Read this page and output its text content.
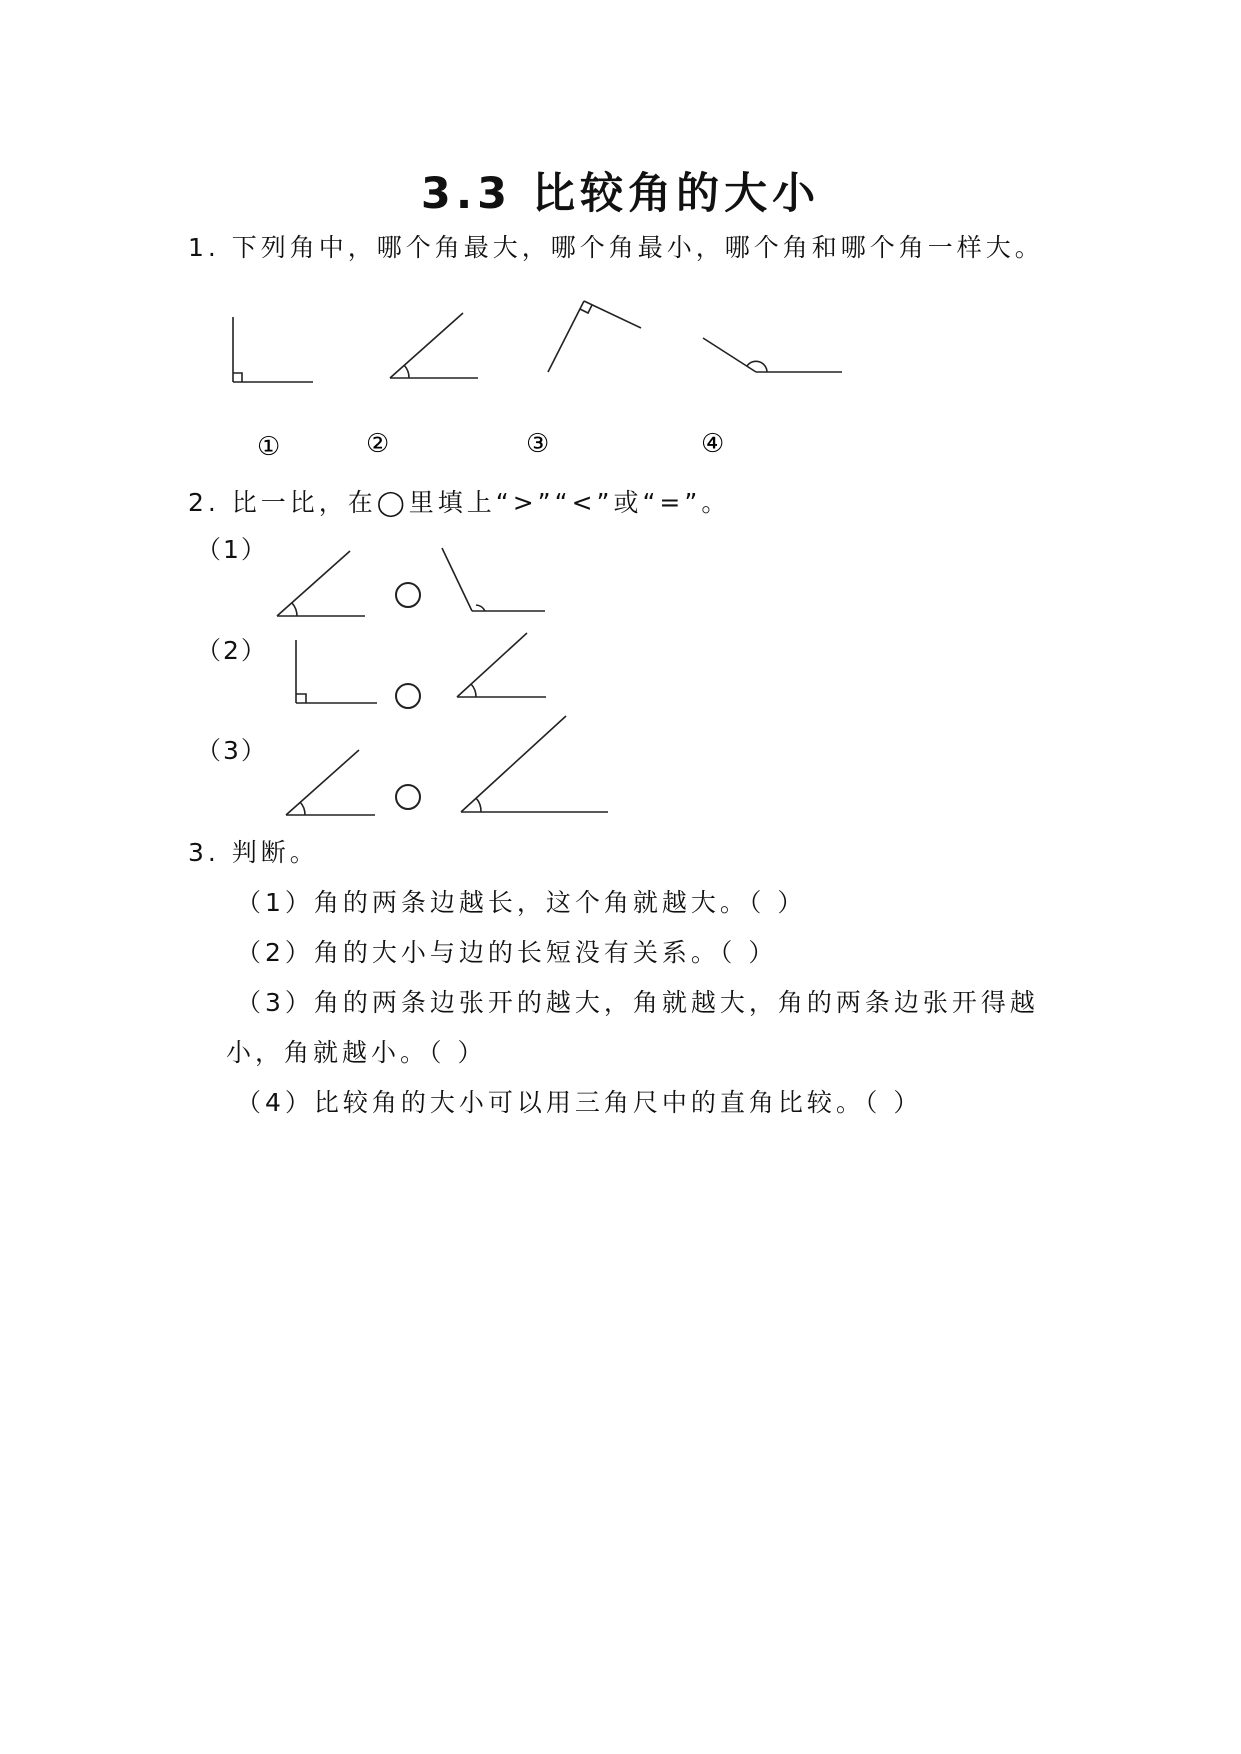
3.3 比较角的大小
1. 下列角中，哪个角最大，哪个角最小，哪个角和哪个角一样大。
①	②	③	④
2. 比一比，在◯里填上“>”“<”或“=”。
（1）
（2）
（3）
3. 判断。
（1）角的两条边越长，这个角就越大。（ ）
（2）角的大小与边的长短没有关系。（ ）
（3）角的两条边张开的越大，角就越大，角的两条边张开得越
小，角就越小。（ ）
（4）比较角的大小可以用三角尺中的直角比较。（ ）
